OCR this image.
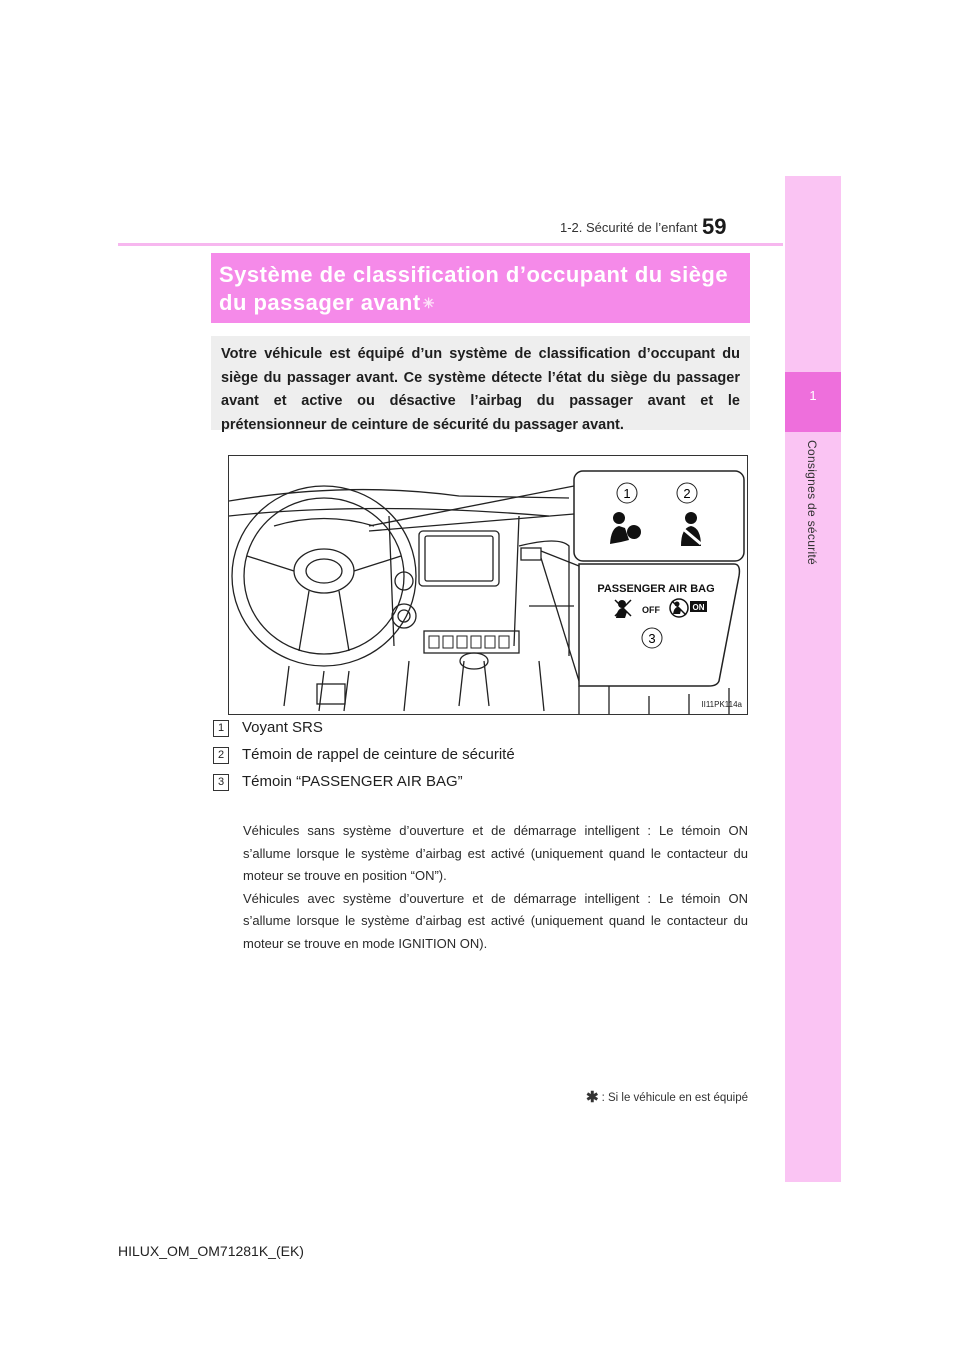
1
Consignes de sécurité
59
1-2. Sécurité de l’enfant
Système de classification d’occupant du siège
du passager avant ✳
Votre véhicule est équipé d’un système de classification d’occupant du siège du passager avant. Ce système détecte l’état du siège du passager avant et active ou désactive l’airbag du passager avant et le prétensionneur de ceinture de sécurité du passager avant.
1	2
3
PASSENGER AIR BAG
OFF	ON
II11PK114a
1 Voyant SRS
2 Témoin de rappel de ceinture de sécurité
3 Témoin “PASSENGER AIR BAG”

Véhicules sans système d’ouverture et de démarrage intelligent : Le témoin ON s’allume lorsque le système d’airbag est activé (uniquement quand le contacteur du moteur se trouve en position “ON”).

Véhicules avec système d’ouverture et de démarrage intelligent : Le témoin ON s’allume lorsque le système d’airbag est activé (uniquement quand le contacteur du moteur se trouve en mode IGNITION ON).

✱ : Si le véhicule en est équipé
HILUX_OM_OM71281K_(EK)
